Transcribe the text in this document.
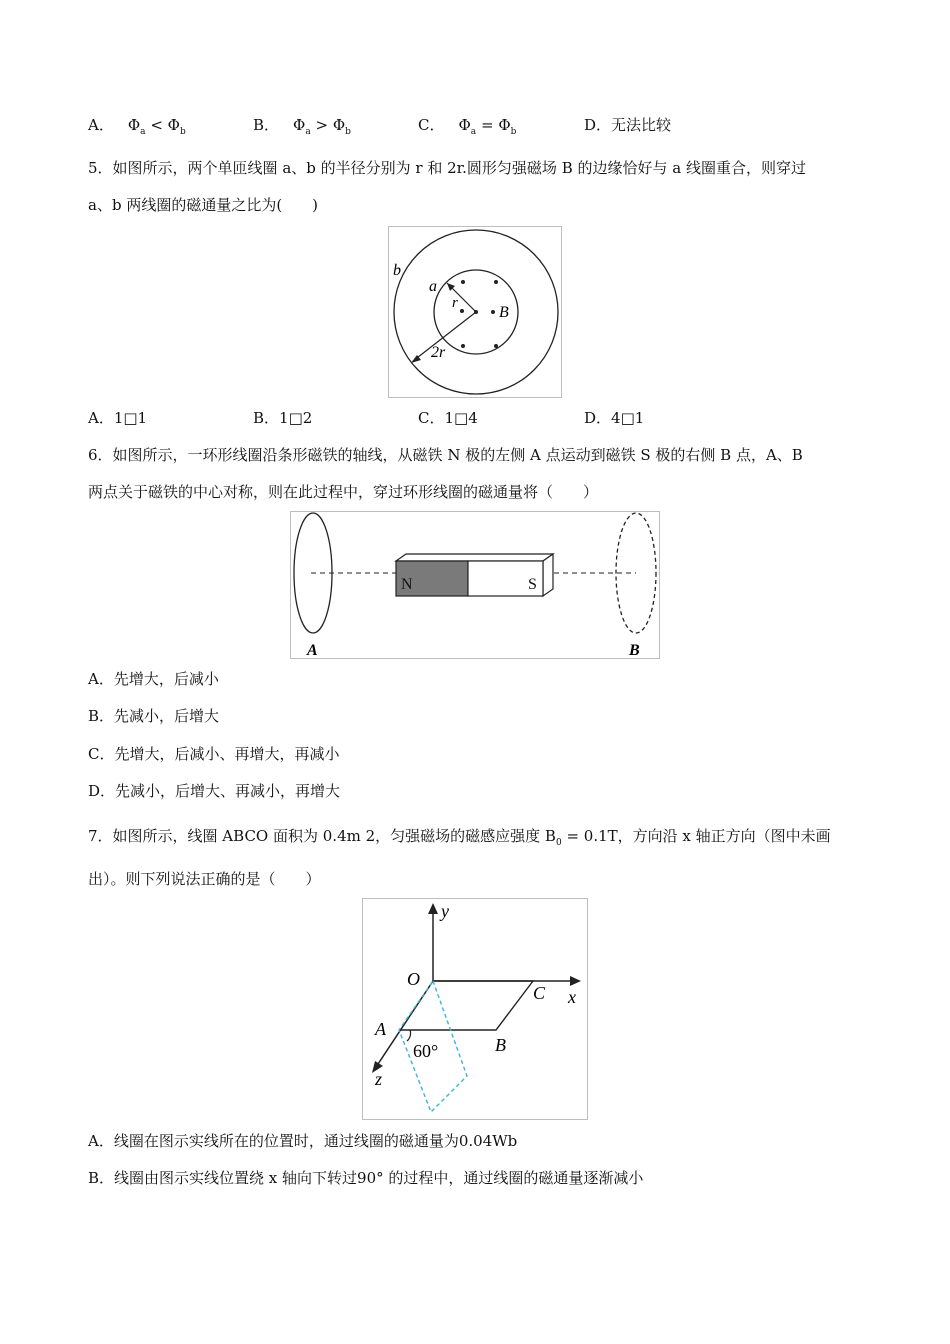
A． $\Phi_a < \Phi_b$	B． $\Phi_a > \Phi_b$	C． $\Phi_a = \Phi_b$	D．无法比较
5．如图所示，两个单匝线圈 a、b 的半径分别为 r 和 2r.圆形匀强磁场 B 的边缘恰好与 a 线圈重合，则穿过
a、b 两线圈的磁通量之比为(　　)
b
a
r
B
2r
A．1□1	B．1□2	C．1□4	D．4□1
6．如图所示，一环形线圈沿条形磁铁的轴线，从磁铁 N 极的左侧 A 点运动到磁铁 S 极的右侧 B 点，A、B
两点关于磁铁的中心对称，则在此过程中，穿过环形线圈的磁通量将（　　）
N	S
A	B
A．先增大，后减小
B．先减小，后增大
C．先增大，后减小、再增大，再减小
D．先减小，后增大、再减小，再增大
7．如图所示，线圈 ABCO 面积为 0.4m 2，匀强磁场的磁感应强度 $B_0 = 0.1T$，方向沿 x 轴正方向（图中未画
出）。则下列说法正确的是（　　）
O
y
C x
A
B
60°
z
A．线圈在图示实线所在的位置时，通过线圈的磁通量为0.04Wb
B．线圈由图示实线位置绕 x 轴向下转过90° 的过程中，通过线圈的磁通量逐渐减小
